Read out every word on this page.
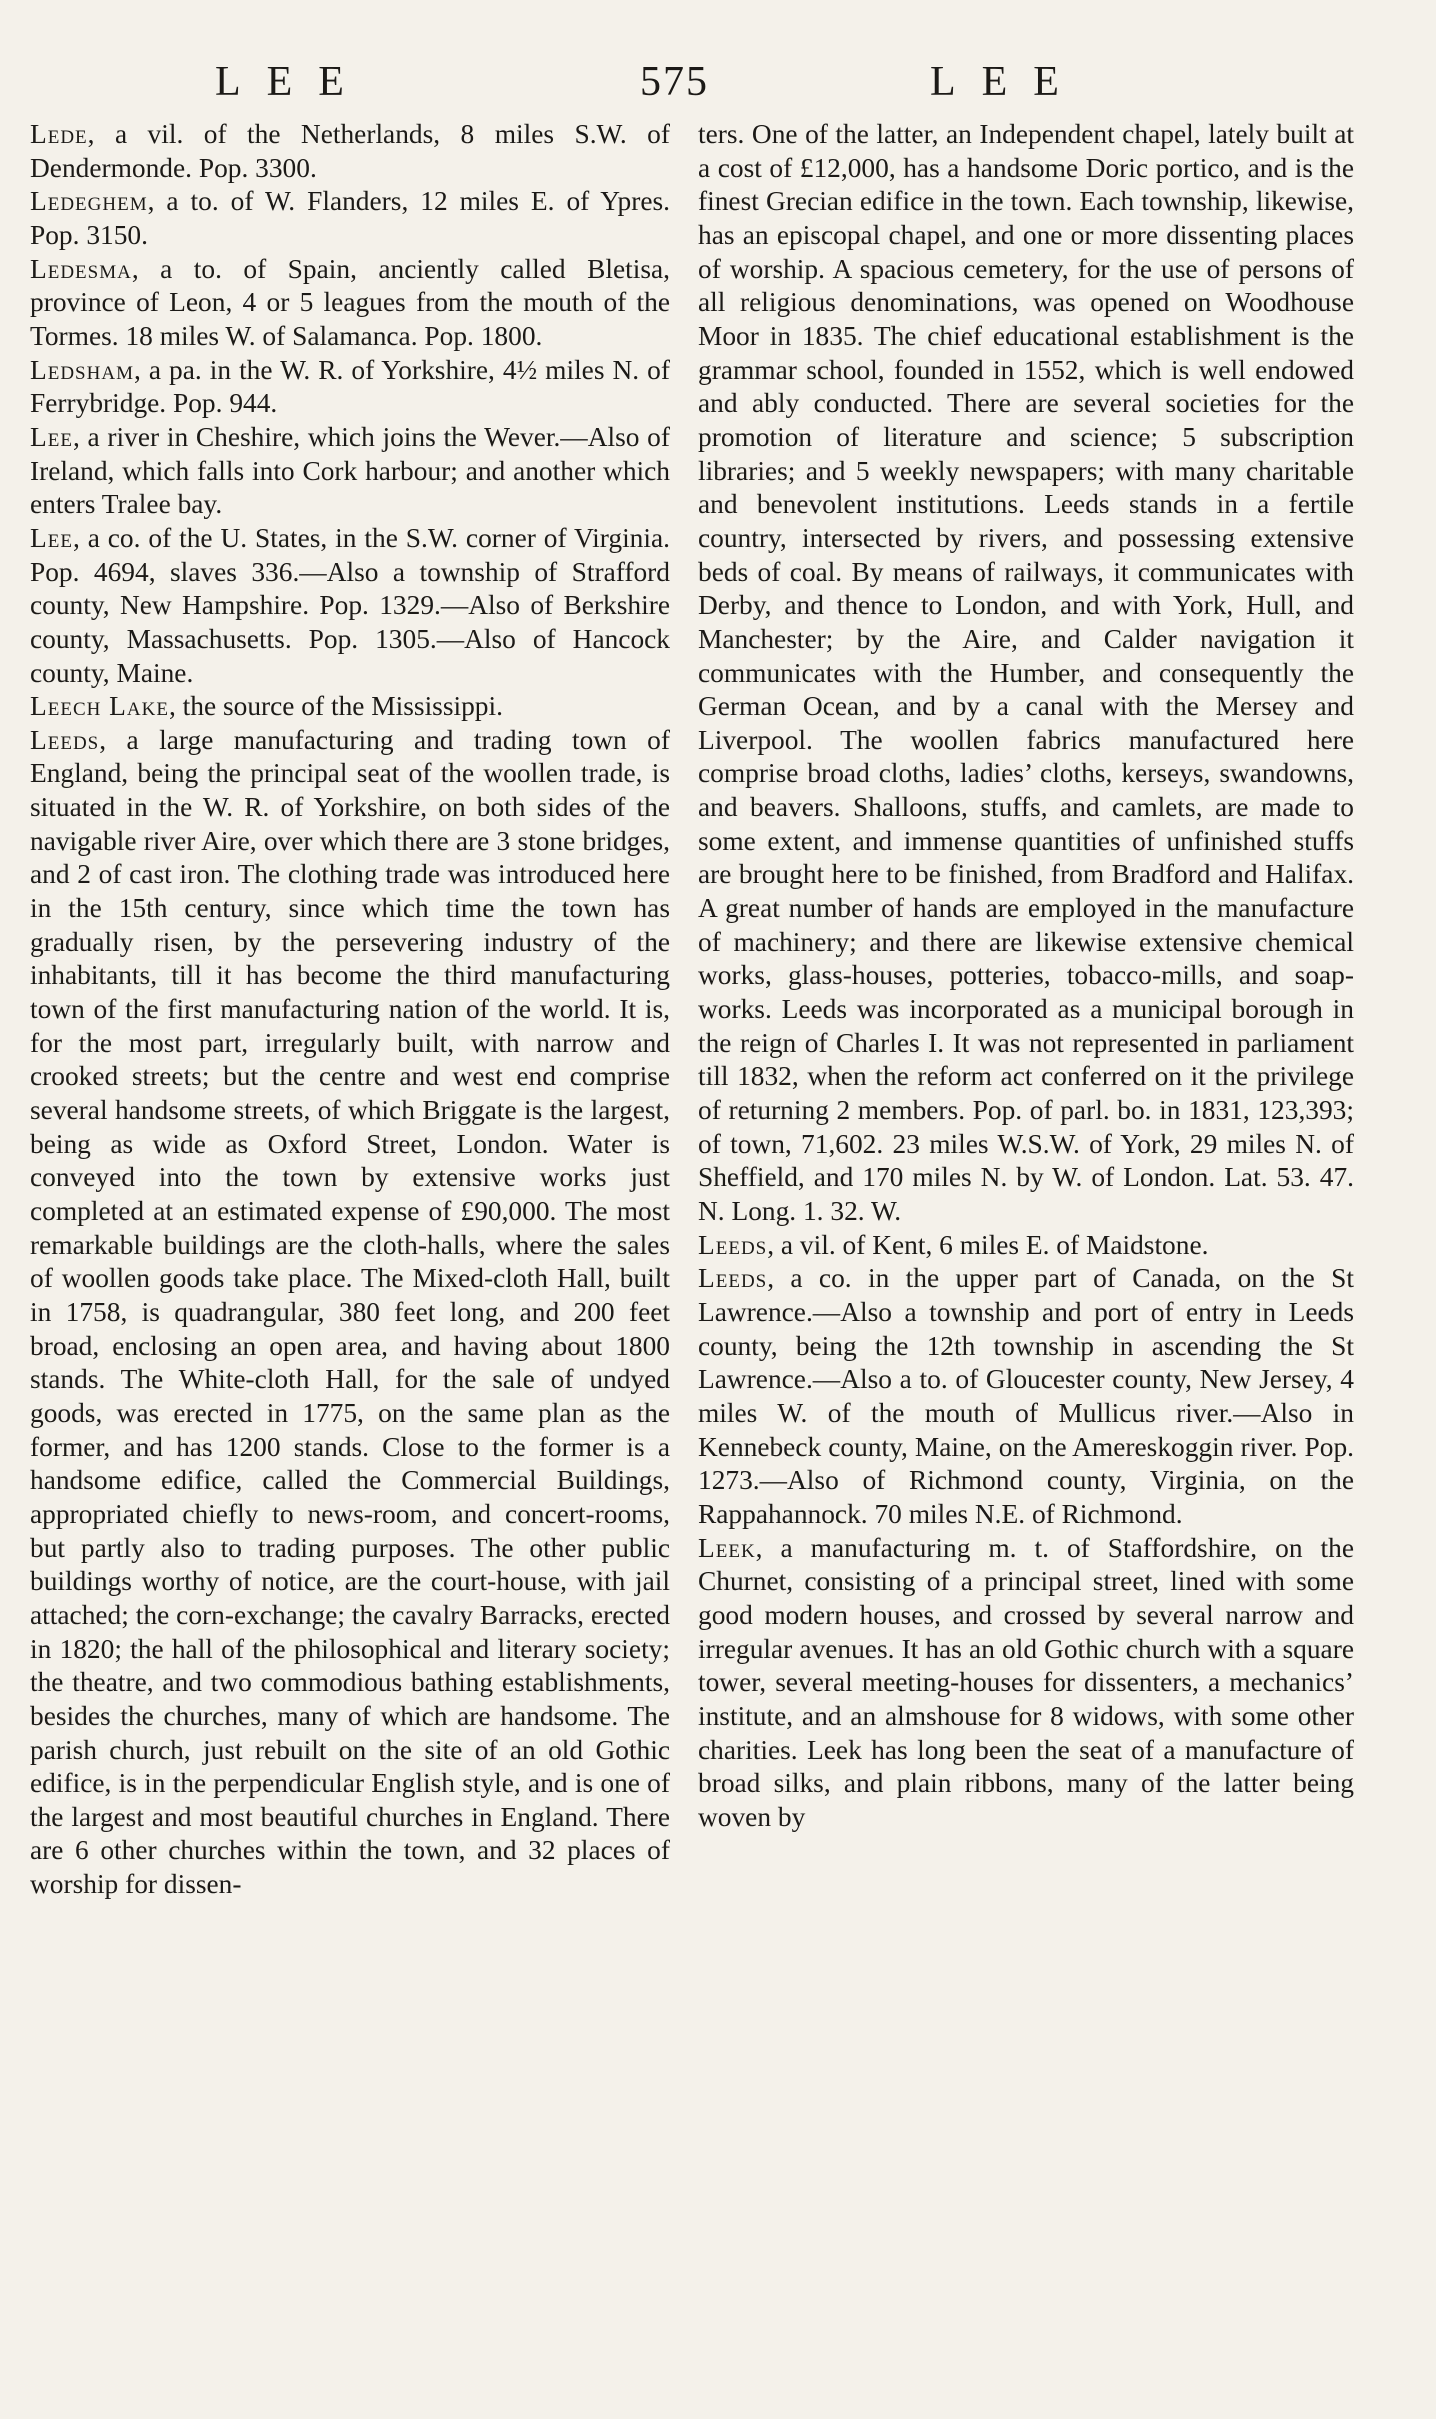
LEE	575	LEE

Lede, a vil. of the Netherlands, 8 miles S.W. of Dendermonde. Pop. 3300.

Ledeghem, a to. of W. Flanders, 12 miles E. of Ypres. Pop. 3150.

Ledesma, a to. of Spain, anciently called Bletisa, province of Leon, 4 or 5 leagues from the mouth of the Tormes. 18 miles W. of Salamanca. Pop. 1800.

Ledsham, a pa. in the W. R. of Yorkshire, 4½ miles N. of Ferrybridge. Pop. 944.

Lee, a river in Cheshire, which joins the Wever.—Also of Ireland, which falls into Cork harbour; and another which enters Tralee bay.

Lee, a co. of the U. States, in the S.W. corner of Virginia. Pop. 4694, slaves 336.—Also a township of Strafford county, New Hampshire. Pop. 1329.—Also of Berkshire county, Massachusetts. Pop. 1305.—Also of Hancock county, Maine.

Leech Lake, the source of the Mississippi.

Leeds, a large manufacturing and trading town of England, being the principal seat of the woollen trade, is situated in the W. R. of Yorkshire, on both sides of the navigable river Aire, over which there are 3 stone bridges, and 2 of cast iron. The clothing trade was introduced here in the 15th century, since which time the town has gradually risen, by the persevering industry of the inhabitants, till it has become the third manufacturing town of the first manufacturing nation of the world. It is, for the most part, irregularly built, with narrow and crooked streets; but the centre and west end comprise several handsome streets, of which Briggate is the largest, being as wide as Oxford Street, London. Water is conveyed into the town by extensive works just completed at an estimated expense of £90,000. The most remarkable buildings are the cloth-halls, where the sales of woollen goods take place. The Mixed-cloth Hall, built in 1758, is quadrangular, 380 feet long, and 200 feet broad, enclosing an open area, and having about 1800 stands. The White-cloth Hall, for the sale of undyed goods, was erected in 1775, on the same plan as the former, and has 1200 stands. Close to the former is a handsome edifice, called the Commercial Buildings, appropriated chiefly to news-room, and concert-rooms, but partly also to trading purposes. The other public buildings worthy of notice, are the court-house, with jail attached; the corn-exchange; the cavalry Barracks, erected in 1820; the hall of the philosophical and literary society; the theatre, and two commodious bathing establishments, besides the churches, many of which are handsome. The parish church, just rebuilt on the site of an old Gothic edifice, is in the perpendicular English style, and is one of the largest and most beautiful churches in England. There are 6 other churches within the town, and 32 places of worship for dissen-

ters. One of the latter, an Independent chapel, lately built at a cost of £12,000, has a handsome Doric portico, and is the finest Grecian edifice in the town. Each township, likewise, has an episcopal chapel, and one or more dissenting places of worship. A spacious cemetery, for the use of persons of all religious denominations, was opened on Woodhouse Moor in 1835. The chief educational establishment is the grammar school, founded in 1552, which is well endowed and ably conducted. There are several societies for the promotion of literature and science; 5 subscription libraries; and 5 weekly newspapers; with many charitable and benevolent institutions. Leeds stands in a fertile country, intersected by rivers, and possessing extensive beds of coal. By means of railways, it communicates with Derby, and thence to London, and with York, Hull, and Manchester; by the Aire, and Calder navigation it communicates with the Humber, and consequently the German Ocean, and by a canal with the Mersey and Liverpool. The woollen fabrics manufactured here comprise broad cloths, ladies’ cloths, kerseys, swandowns, and beavers. Shalloons, stuffs, and camlets, are made to some extent, and immense quantities of unfinished stuffs are brought here to be finished, from Bradford and Halifax. A great number of hands are employed in the manufacture of machinery; and there are likewise extensive chemical works, glass-houses, potteries, tobacco-mills, and soap-works. Leeds was incorporated as a municipal borough in the reign of Charles I. It was not represented in parliament till 1832, when the reform act conferred on it the privilege of returning 2 members. Pop. of parl. bo. in 1831, 123,393; of town, 71,602. 23 miles W.S.W. of York, 29 miles N. of Sheffield, and 170 miles N. by W. of London. Lat. 53. 47. N. Long. 1. 32. W.

Leeds, a vil. of Kent, 6 miles E. of Maidstone.

Leeds, a co. in the upper part of Canada, on the St Lawrence.—Also a township and port of entry in Leeds county, being the 12th township in ascending the St Lawrence.—Also a to. of Gloucester county, New Jersey, 4 miles W. of the mouth of Mullicus river.—Also in Kennebeck county, Maine, on the Amereskoggin river. Pop. 1273.—Also of Richmond county, Virginia, on the Rappahannock. 70 miles N.E. of Richmond.

Leek, a manufacturing m. t. of Staffordshire, on the Churnet, consisting of a principal street, lined with some good modern houses, and crossed by several narrow and irregular avenues. It has an old Gothic church with a square tower, several meeting-houses for dissenters, a mechanics’ institute, and an almshouse for 8 widows, with some other charities. Leek has long been the seat of a manufacture of broad silks, and plain ribbons, many of the latter being woven by
